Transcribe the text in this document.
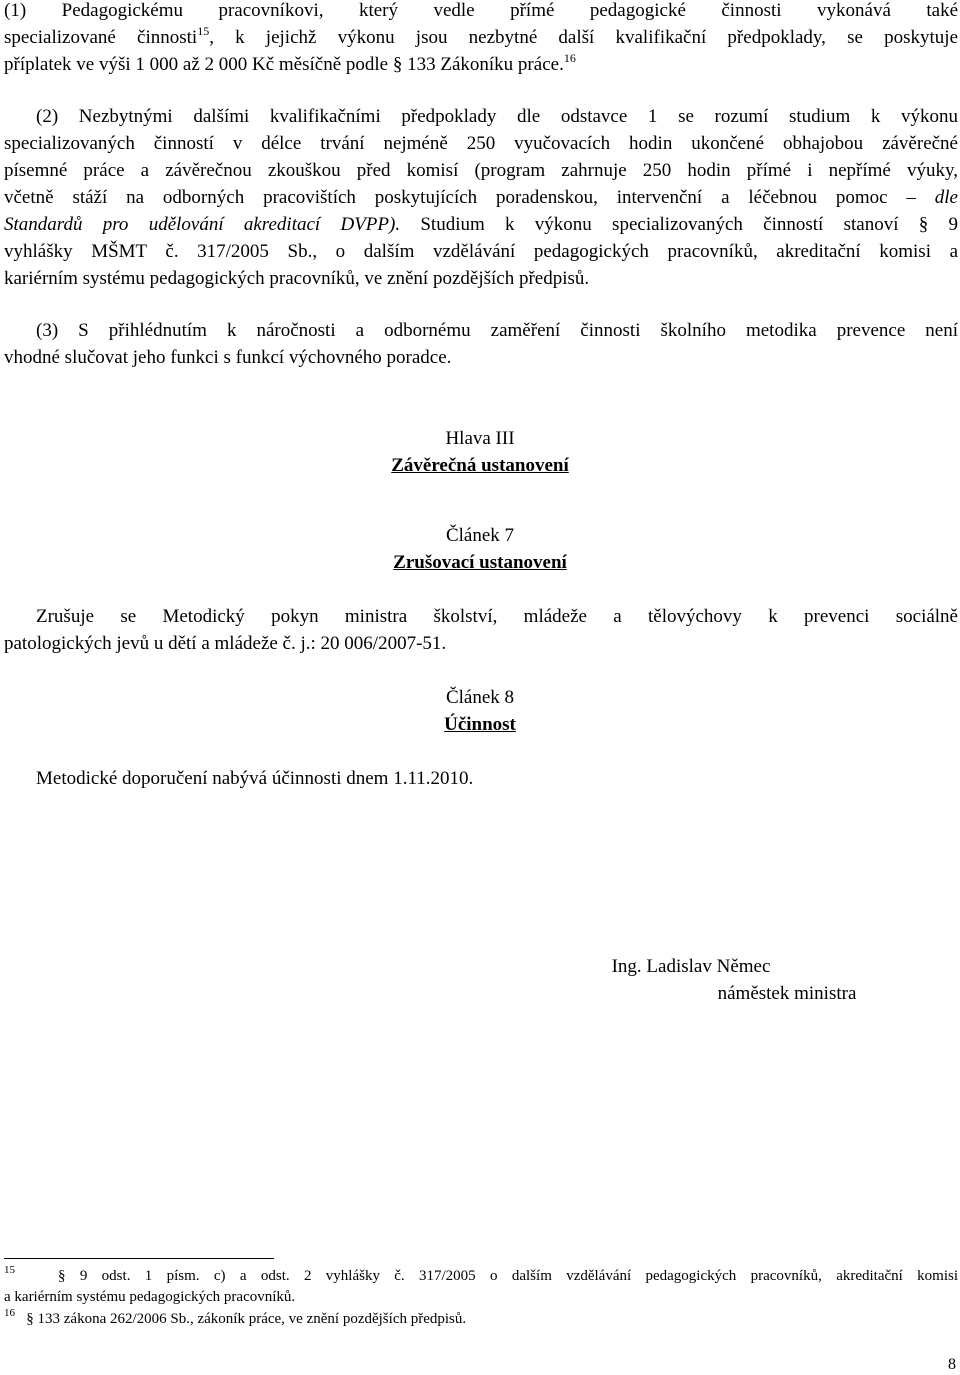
(1) Pedagogickému pracovníkovi, který vedle přímé pedagogické činnosti vykonává také
specializované činnosti$^{15}$, k jejichž výkonu jsou nezbytné další kvalifikační předpoklady, se poskytuje
příplatek ve výši 1 000 až 2 000 Kč měsíčně podle § 133 Zákoníku práce.$^{16}$
(2) Nezbytnými dalšími kvalifikačními předpoklady dle odstavce 1 se rozumí studium k výkonu
specializovaných činností v délce trvání nejméně 250 vyučovacích hodin ukončené obhajobou závěrečné
písemné práce a závěrečnou zkouškou před komisí (program zahrnuje 250 hodin přímé i nepřímé výuky,
včetně stáží na odborných pracovištích poskytujících poradenskou, intervenční a léčebnou pomoc – dle
Standardů pro udělování akreditací DVPP). Studium k výkonu specializovaných činností stanoví § 9
vyhlášky MŠMT č. 317/2005 Sb., o dalším vzdělávání pedagogických pracovníků, akreditační komisi a
kariérním systému pedagogických pracovníků, ve znění pozdějších předpisů.
(3) S přihlédnutím k náročnosti a odbornému zaměření činnosti školního metodika prevence není
vhodné slučovat jeho funkci s funkcí výchovného poradce.
Hlava III
Závěrečná ustanovení
Článek 7
Zrušovací ustanovení
Zrušuje se Metodický pokyn ministra školství, mládeže a tělovýchovy k prevenci sociálně
patologických jevů u dětí a mládeže č. j.: 20 006/2007-51.
Článek 8
Účinnost
Metodické doporučení nabývá účinnosti dnem 1.11.2010.
Ing. Ladislav Němec
náměstek ministra
$^{15}$	§ 9 odst. 1 písm. c) a odst. 2 vyhlášky č. 317/2005 o dalším vzdělávání pedagogických pracovníků, akreditační komisi
a kariérním systému pedagogických pracovníků.
$^{16}$ § 133 zákona 262/2006 Sb., zákoník práce, ve znění pozdějších předpisů.
8
